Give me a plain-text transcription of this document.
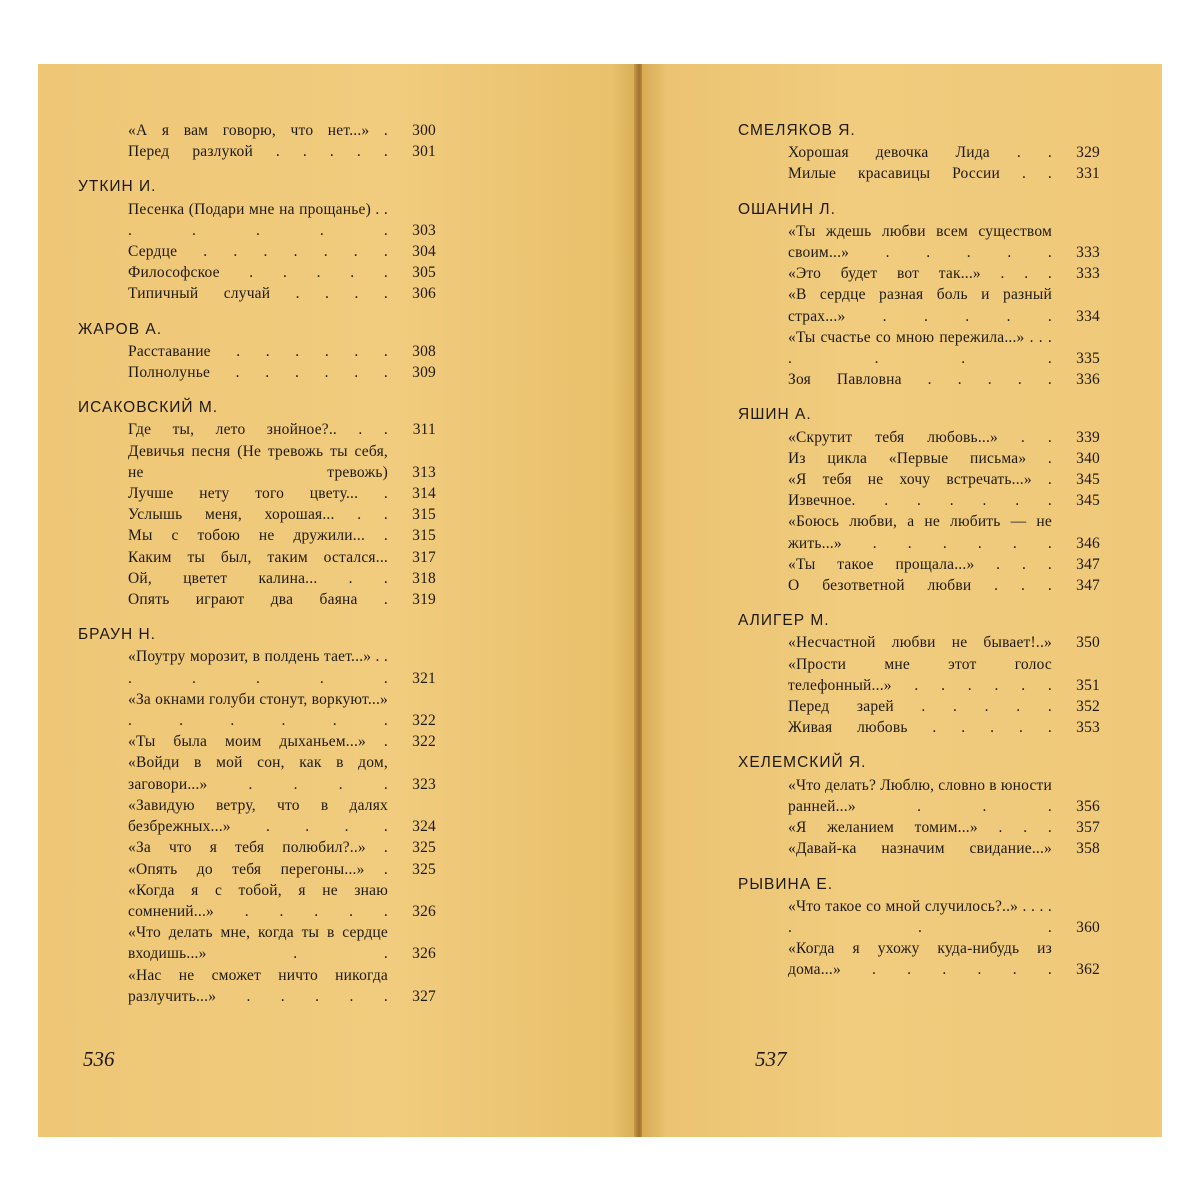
«А я вам говорю, что нет...» .	300
Перед разлукой . . . . .	301
УТКИН И.
Песенка (Подари мне на прощанье) . . . . . . .	303
Сердце . . . . . . .	304
Философское . . . . .	305
Типичный случай . . . .	306
ЖАРОВ А.
Расставание . . . . . .	308
Полнолунье . . . . . .	309
ИСАКОВСКИЙ М.
Где ты, лето знойное?.. . .	311
Девичья песня (Не тревожь ты себя, не тревожь)	313
Лучше нету того цвету... .	314
Услышь меня, хорошая... . .	315
Мы с тобою не дружили... .	315
Каким ты был, таким остался...	317
Ой, цветет калина... . .	318
Опять играют два баяна .	319
БРАУН Н.
«Поутру морозит, в полдень тает...» . . . . . . .	321
«За окнами голуби стонут, воркуют...» . . . . . .	322
«Ты была моим дыханьем...» .	322
«Войди в мой сон, как в дом, заговори...» . . . .	323
«Завидую ветру, что в далях безбрежных...» . . . .	324
«За что я тебя полюбил?..» .	325
«Опять до тебя перегоны...» .	325
«Когда я с тобой, я не знаю сомнений...» . . . . .	326
«Что делать мне, когда ты в сердце входишь...» . .	326
«Нас не сможет ничто никогда разлучить...» . . . . .	327
536
СМЕЛЯКОВ Я.
Хорошая девочка Лида . .	329
Милые красавицы России . .	331
ОШАНИН Л.
«Ты ждешь любви всем существом своим...» . . . . .	333
«Это будет вот так...» . . .	333
«В сердце разная боль и разный страх...» . . . . .	334
«Ты счастье со мною пережила...» . . . . . . .	335
Зоя Павловна . . . . .	336
ЯШИН А.
«Скрутит тебя любовь...» . .	339
Из цикла «Первые письма» .	340
«Я тебя не хочу встречать...» .	345
Извечное. . . . . . .	345
«Боюсь любви, а не любить — не жить...» . . . . . .	346
«Ты такое прощала...» . . .	347
О безответной любви . . .	347
АЛИГЕР М.
«Несчастной любви не бывает!..»	350
«Прости мне этот голос телефонный...» . . . . . .	351
Перед зарей . . . . .	352
Живая любовь . . . . .	353
ХЕЛЕМСКИЙ Я.
«Что делать? Люблю, словно в юности ранней...» . . .	356
«Я желанием томим...» . . .	357
«Давай-ка назначим свидание...»	358
РЫВИНА Е.
«Что такое со мной случилось?..» . . . . . . .	360
«Когда я ухожу куда-нибудь из дома...» . . . . . .	362
537
